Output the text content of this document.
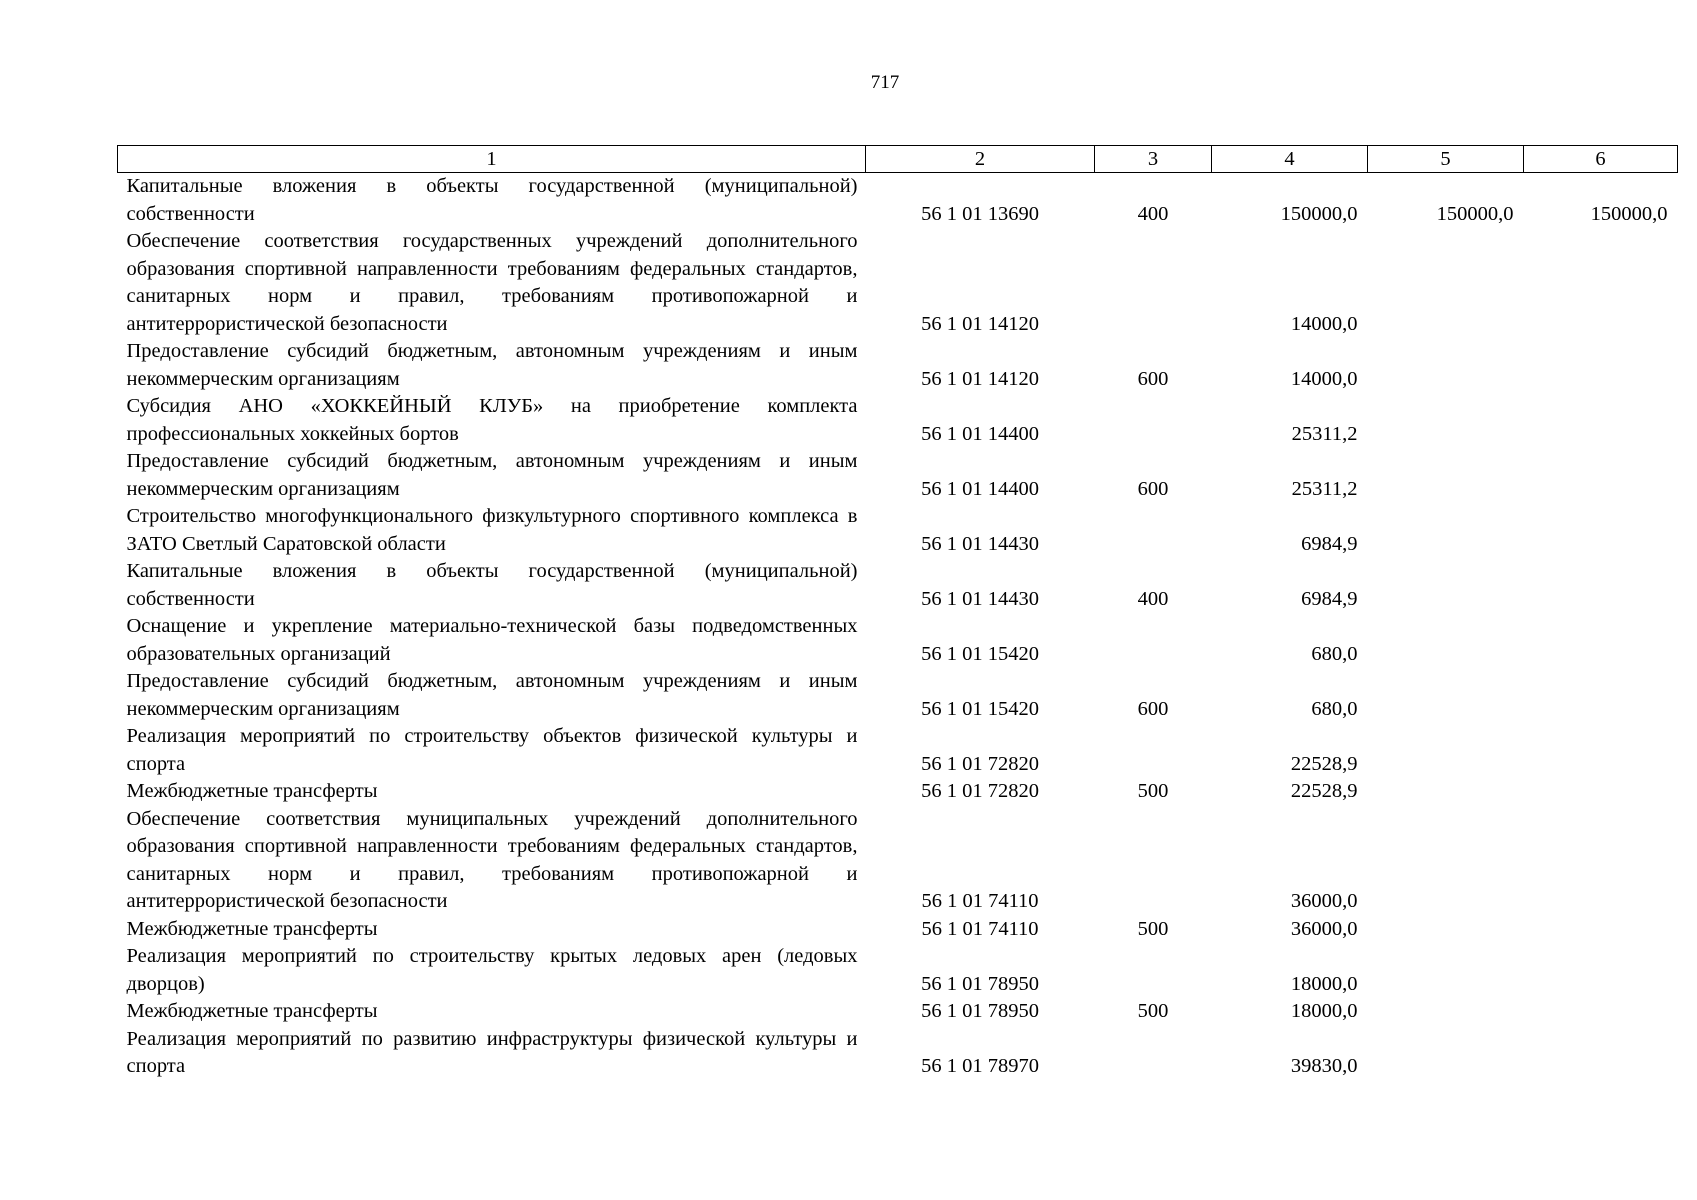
717
1	2	3	4	5	6
Капитальные вложения в объекты государственной (муниципальной) собственности	56 1 01 13690	400	150000,0	150000,0	150000,0
Обеспечение соответствия государственных учреждений дополнительного образования спортивной направленности требованиям федеральных стандартов, санитарных норм и правил, требованиям противопожарной и антитеррористической безопасности	56 1 01 14120		14000,0		
Предоставление субсидий бюджетным, автономным учреждениям и иным некоммерческим организациям	56 1 01 14120	600	14000,0		
Субсидия АНО «ХОККЕЙНЫЙ КЛУБ» на приобретение комплекта профессиональных хоккейных бортов	56 1 01 14400		25311,2		
Предоставление субсидий бюджетным, автономным учреждениям и иным некоммерческим организациям	56 1 01 14400	600	25311,2		
Строительство многофункционального физкультурного спортивного комплекса в ЗАТО Светлый Саратовской области	56 1 01 14430		6984,9		
Капитальные вложения в объекты государственной (муниципальной) собственности	56 1 01 14430	400	6984,9		
Оснащение и укрепление материально-технической базы подведомственных образовательных организаций	56 1 01 15420		680,0		
Предоставление субсидий бюджетным, автономным учреждениям и иным некоммерческим организациям	56 1 01 15420	600	680,0		
Реализация мероприятий по строительству объектов физической культуры и спорта	56 1 01 72820		22528,9		
Межбюджетные трансферты	56 1 01 72820	500	22528,9		
Обеспечение соответствия муниципальных учреждений дополнительного образования спортивной направленности требованиям федеральных стандартов, санитарных норм и правил, требованиям противопожарной и антитеррористической безопасности	56 1 01 74110		36000,0		
Межбюджетные трансферты	56 1 01 74110	500	36000,0		
Реализация мероприятий по строительству крытых ледовых арен (ледовых дворцов)	56 1 01 78950		18000,0		
Межбюджетные трансферты	56 1 01 78950	500	18000,0		
Реализация мероприятий по развитию инфраструктуры физической культуры и спорта	56 1 01 78970		39830,0		
